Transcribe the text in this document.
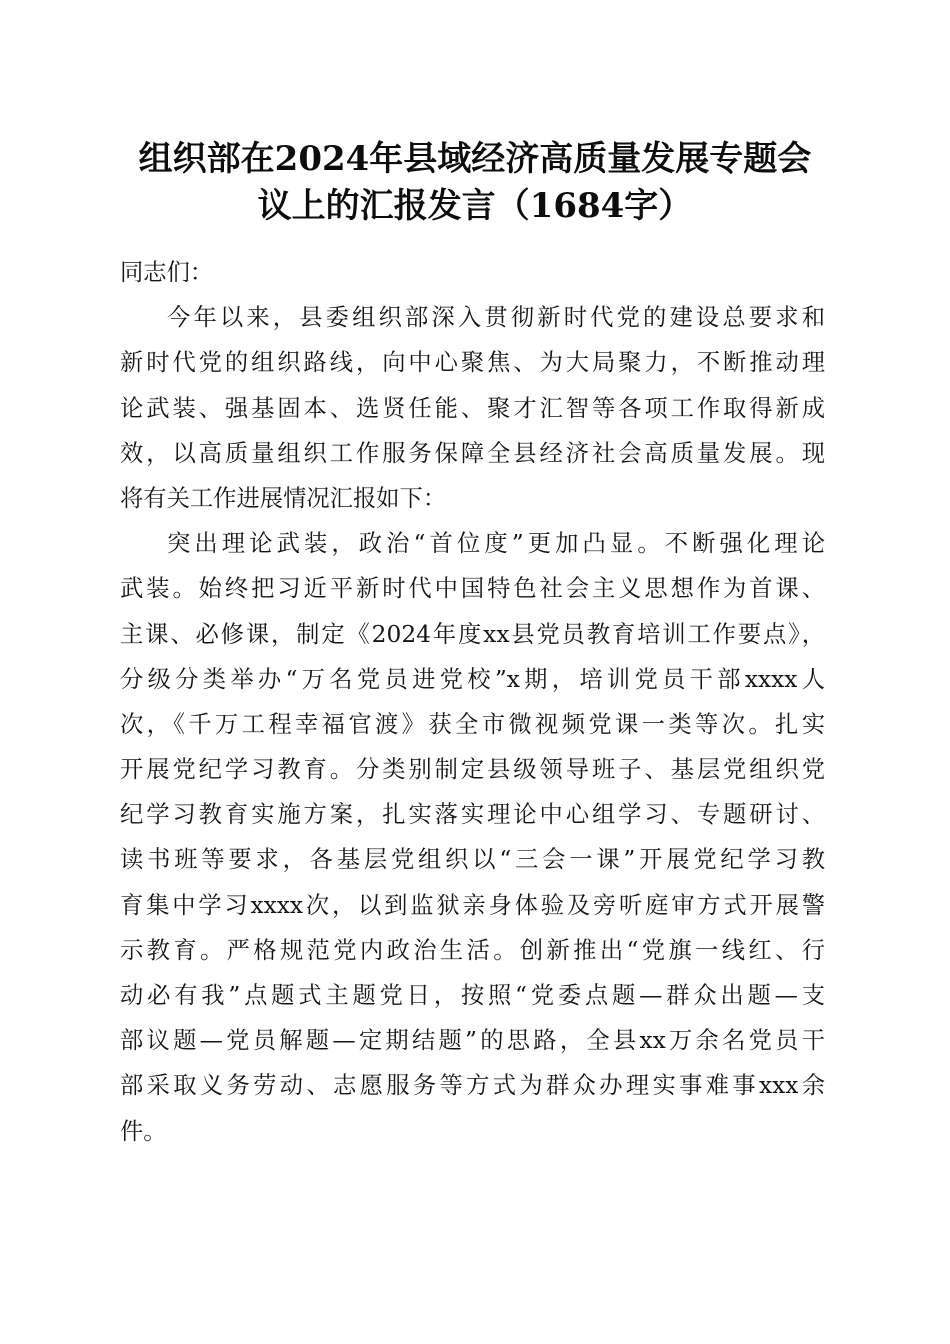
组织部在2024年县域经济高质量发展专题会
议上的汇报发言（1684字）
同志们：
今年以来，县委组织部深入贯彻新时代党的建设总要求和
新时代党的组织路线，向中心聚焦、为大局聚力，不断推动理
论武装、强基固本、选贤任能、聚才汇智等各项工作取得新成
效，以高质量组织工作服务保障全县经济社会高质量发展。现
将有关工作进展情况汇报如下：
突出理论武装，政治“首位度”更加凸显。不断强化理论
武装。始终把习近平新时代中国特色社会主义思想作为首课、
主课、必修课，制定《2024年度xx县党员教育培训工作要点》，
分级分类举办“万名党员进党校”x期，培训党员干部xxxx人
次，《千万工程幸福官渡》获全市微视频党课一类等次。扎实
开展党纪学习教育。分类别制定县级领导班子、基层党组织党
纪学习教育实施方案，扎实落实理论中心组学习、专题研讨、
读书班等要求，各基层党组织以“三会一课”开展党纪学习教
育集中学习xxxx次，以到监狱亲身体验及旁听庭审方式开展警
示教育。严格规范党内政治生活。创新推出“党旗一线红、行
动必有我”点题式主题党日，按照“党委点题—群众出题—支
部议题—党员解题—定期结题”的思路，全县xx万余名党员干
部采取义务劳动、志愿服务等方式为群众办理实事难事xxx余
件。
